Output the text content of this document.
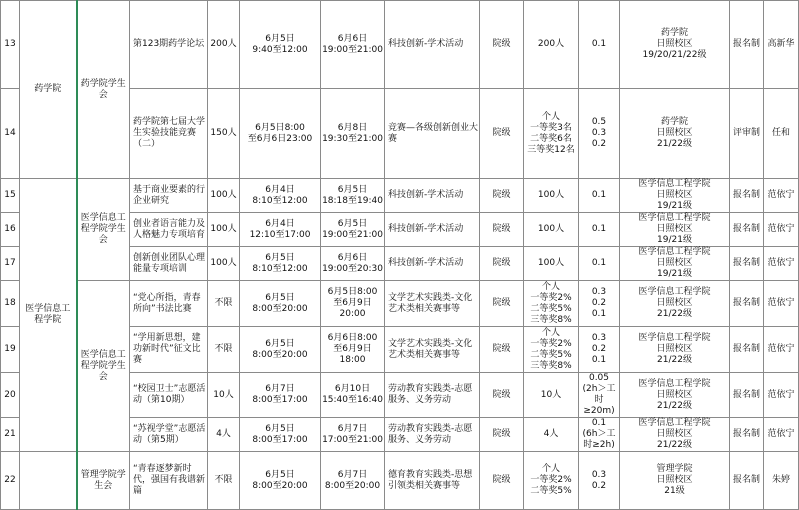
13	药学院	药学院学生会	第123期药学论坛	200人	6月5日
9:40至12:00	6月6日
19:00至21:00	科技创新-学术活动	院级	200人	0.1	药学院
日照校区
19/20/21/22级	报名制	高新华
14			药学院第七届大学生实验技能竞赛（二）	150人	6月5日8:00
至6月6日23:00	6月8日
19:30至21:00	竞赛—各级创新创业大赛	院级	个人
一等奖3名
二等奖6名
三等奖12名	0.5
0.3
0.2	药学院
日照校区
21/22级	评审制	任和
15	医学信息工程学院	医学信息工程学院学生会	基于商业要素的行企业研究	100人	6月4日
8:10至12:00	6月5日
18:18至19:40	科技创新-学术活动	院级	100人	0.1	医学信息工程学院
日照校区
19/21级	报名制	范依宁
16			创业者语言能力及人格魅力专项培育	100人	6月4日
12:10至17:00	6月5日
19:00至21:00	科技创新-学术活动	院级	100人	0.1	医学信息工程学院
日照校区
19/21级	报名制	范依宁
17			创新创业团队心理能量专项培训	100人	6月5日
8:10至12:00	6月6日
19:00至20:30	科技创新-学术活动	院级	100人	0.1	医学信息工程学院
日照校区
19/21级	报名制	范依宁
18		医学信息工程学院学生会	“党心所指，青春所向”书法比赛	不限	6月5日
8:00至20:00	6月5日8:00
至6月9日20:00	文学艺术实践类-文化艺术类相关赛事等	院级	个人
一等奖2%
二等奖5%
三等奖8%	0.3
0.2
0.1	医学信息工程学院
日照校区
21/22级	报名制	范依宁
19			“学用新思想，建功新时代”征文比赛	不限	6月5日
8:00至20:00	6月6日8:00
至6月9日18:00	文学艺术实践类-文化艺术类相关赛事等	院级	个人
一等奖2%
二等奖5%
三等奖8%	0.3
0.2
0.1	医学信息工程学院
日照校区
21/22级	报名制	范依宁
20			“校园卫士”志愿活动（第10期）	10人	6月7日
8:00至17:00	6月10日
15:40至16:40	劳动教育实践类-志愿服务、义务劳动	院级	10人	0.05
(2h＞工时≥20m)	医学信息工程学院
日照校区
21/22级	报名制	范依宁
21			“苏视学堂”志愿活动（第5期）	4人	6月5日
8:00至17:00	6月7日
17:00至21:00	劳动教育实践类-志愿服务、义务劳动	院级	4人	0.1
(6h＞工时≥2h)	医学信息工程学院
日照校区
21/22级	报名制	范依宁
22		管理学院学生会	“青春逐梦新时代，强国有我谱新篇	不限	6月5日
8:00至20:00	6月7日
8:00至20:00	德育教育实践类-思想引领类相关赛事等	院级	个人
一等奖2%
二等奖5%	0.3
0.2	管理学院
日照校区
21级	报名制	朱婷
